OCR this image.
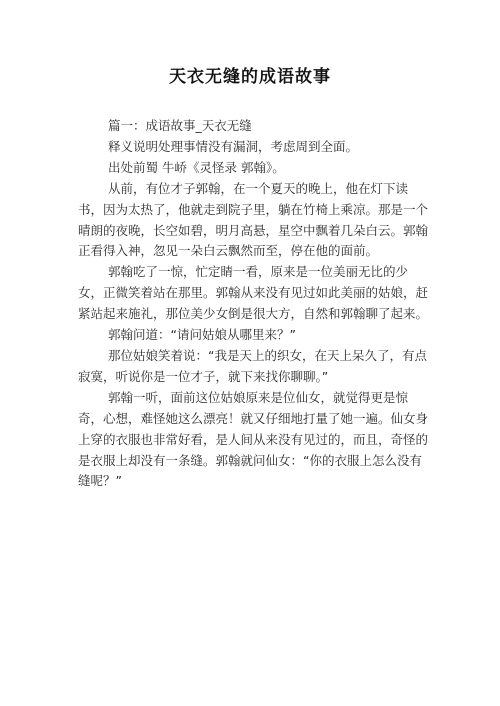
天衣无缝的成语故事

篇一：成语故事_天衣无缝

释义说明处理事情没有漏洞，考虑周到全面。

出处前蜀 牛峤《灵怪录 郭翰》。

从前，有位才子郭翰，在一个夏天的晚上，他在灯下读书，因为太热了，他就走到院子里，躺在竹椅上乘凉。那是一个晴朗的夜晚，长空如碧，明月高悬，星空中飘着几朵白云。郭翰正看得入神，忽见一朵白云飘然而至，停在他的面前。

郭翰吃了一惊，忙定睛一看，原来是一位美丽无比的少女，正微笑着站在那里。郭翰从来没有见过如此美丽的姑娘，赶紧站起来施礼，那位美少女倒是很大方，自然和郭翰聊了起来。

郭翰问道：“请问姑娘从哪里来？”

那位姑娘笑着说：“我是天上的织女，在天上呆久了，有点寂寞，听说你是一位才子，就下来找你聊聊。”

郭翰一听，面前这位姑娘原来是位仙女，就觉得更是惊奇，心想，难怪她这么漂亮！就又仔细地打量了她一遍。仙女身上穿的衣服也非常好看，是人间从来没有见过的，而且，奇怪的是衣服上却没有一条缝。郭翰就问仙女：“你的衣服上怎么没有缝呢？”
